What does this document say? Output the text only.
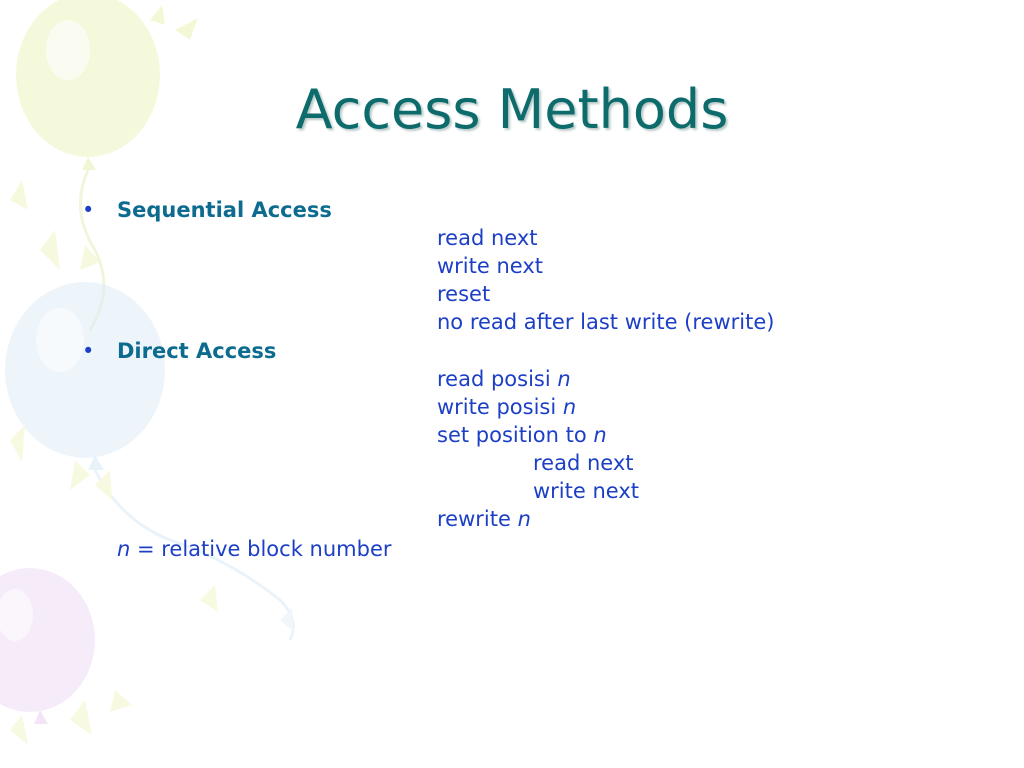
Access Methods
• Sequential Access
read next
write next
reset
no read after last write (rewrite)
• Direct Access
read posisi n
write posisi n
set position to n
read next
write next
rewrite n
n = relative block number
